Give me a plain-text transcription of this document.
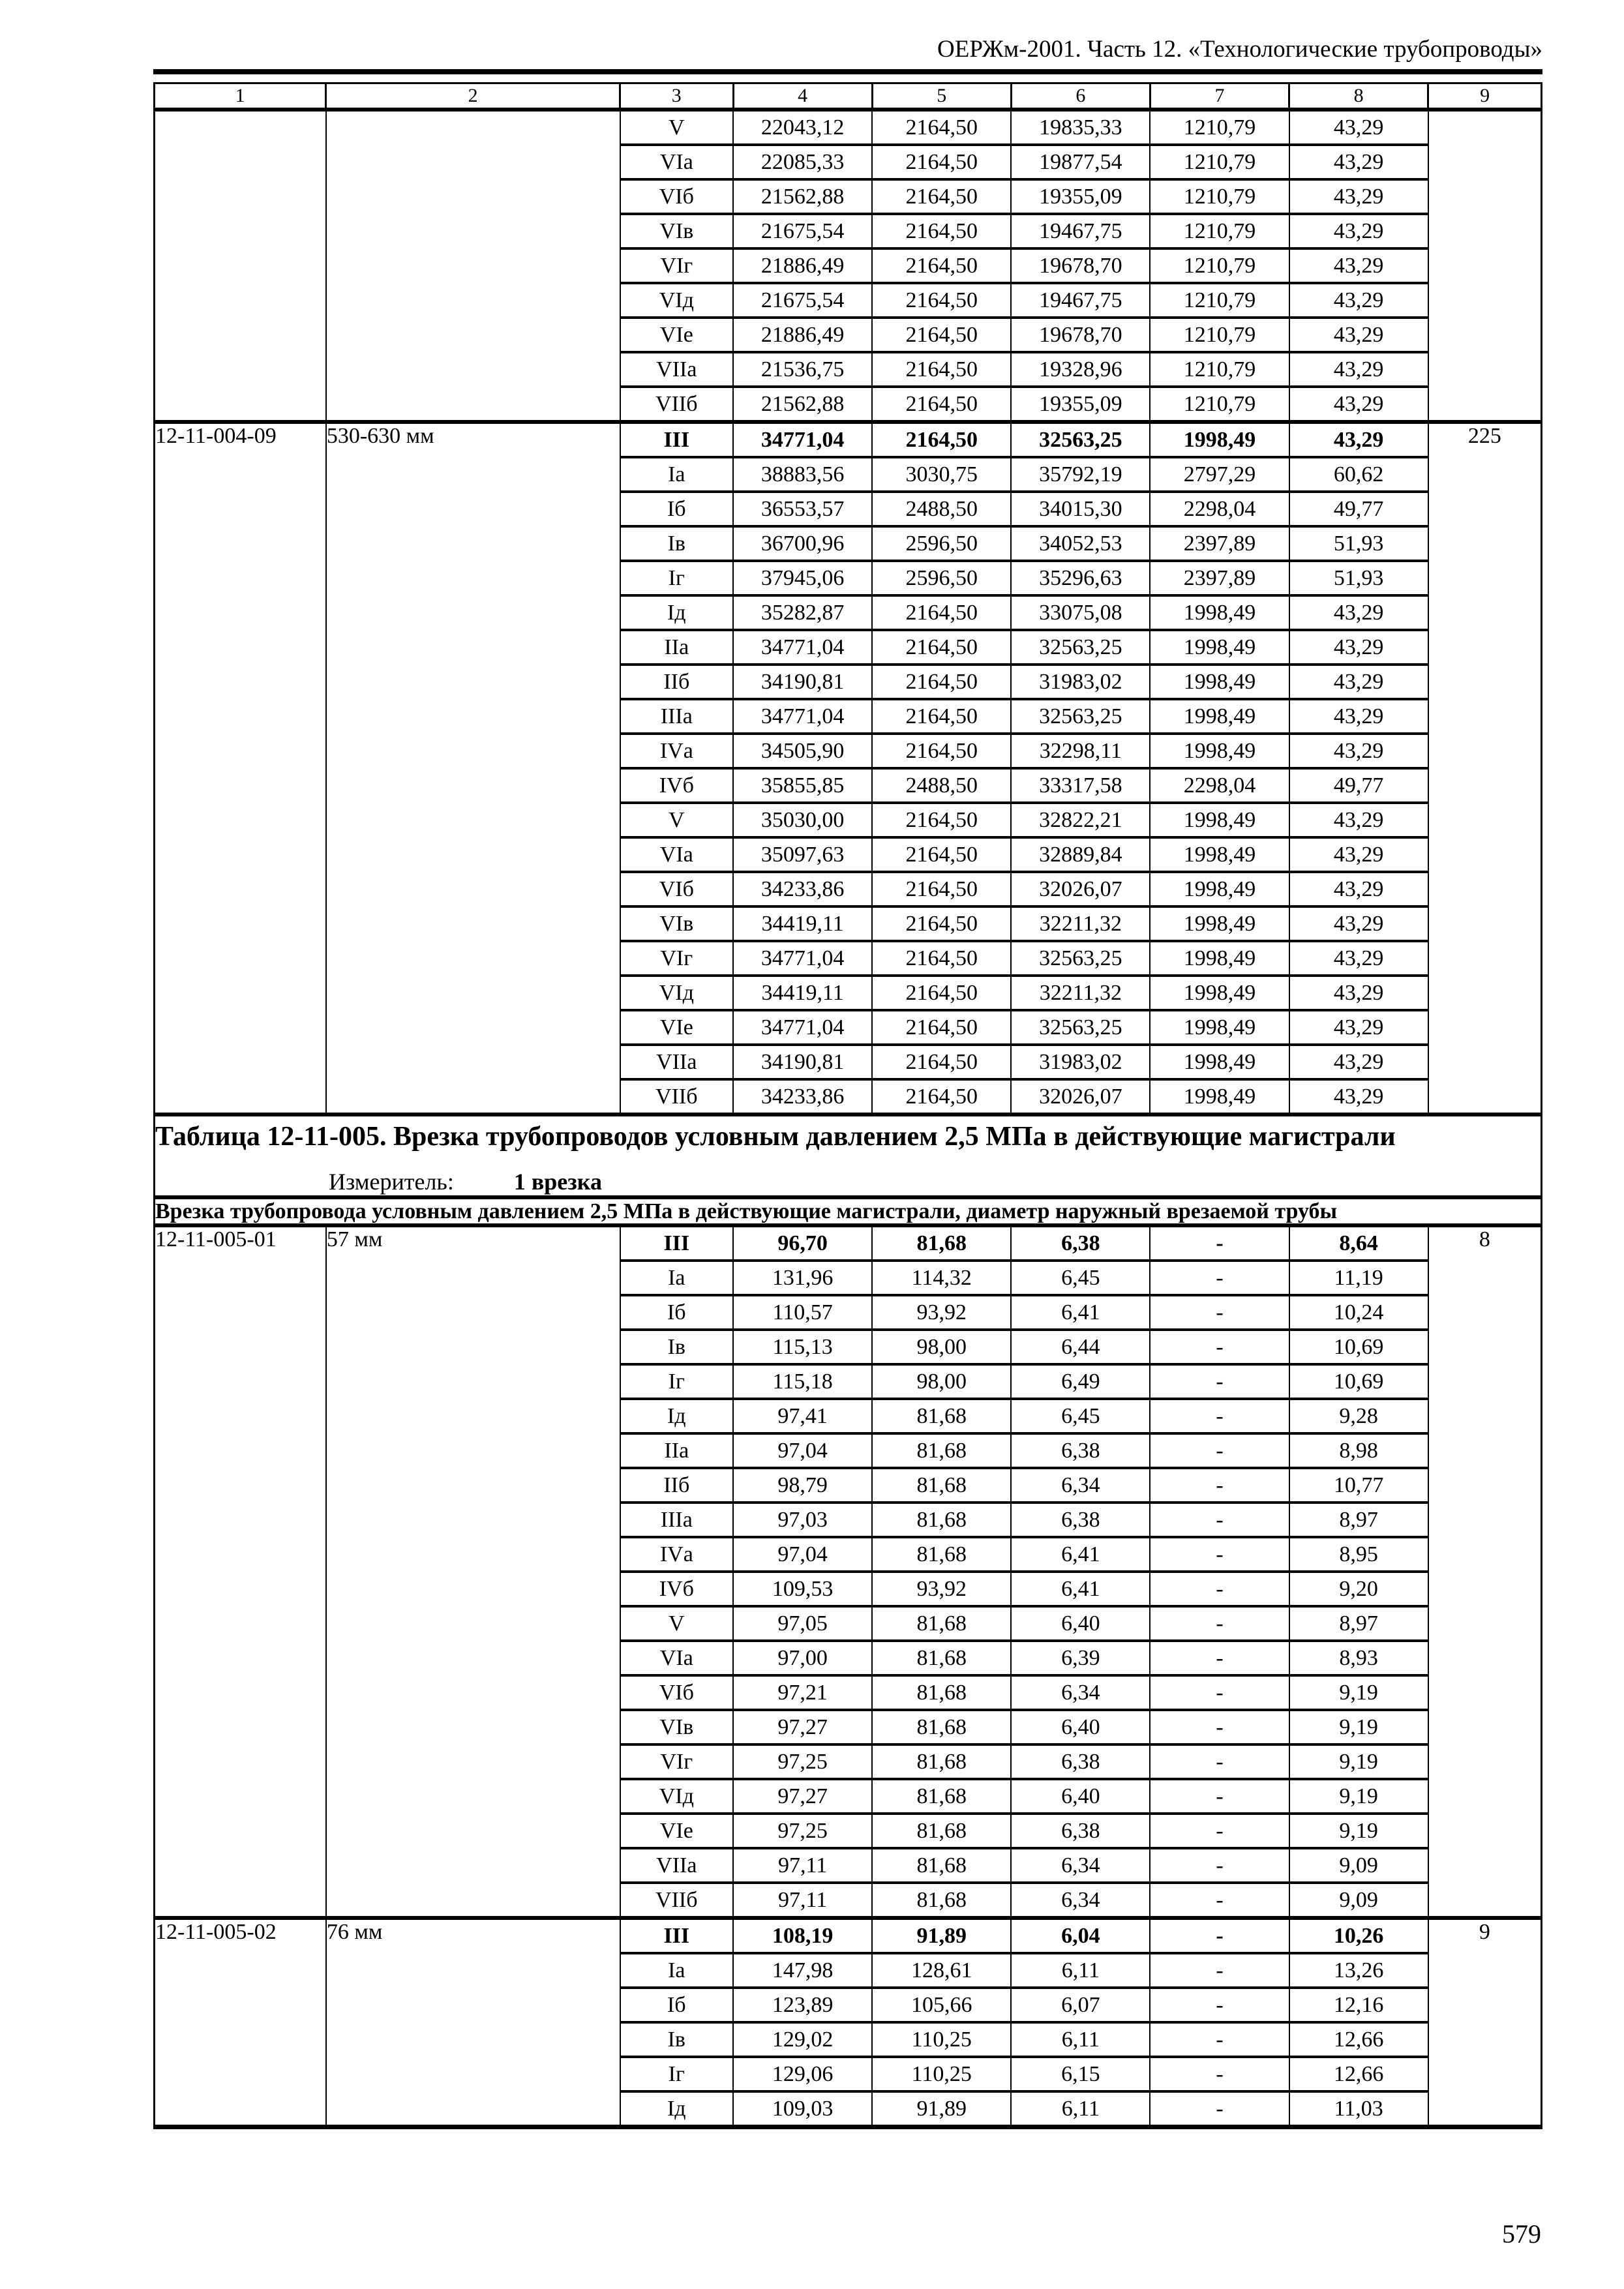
ОЕРЖм-2001. Часть 12. «Технологические трубопроводы»
1	2	3	4	5	6	7	8	9
		V	22043,12	2164,50	19835,33	1210,79	43,29	
		VIа	22085,33	2164,50	19877,54	1210,79	43,29	
		VIб	21562,88	2164,50	19355,09	1210,79	43,29	
		VIв	21675,54	2164,50	19467,75	1210,79	43,29	
		VIг	21886,49	2164,50	19678,70	1210,79	43,29	
		VIд	21675,54	2164,50	19467,75	1210,79	43,29	
		VIе	21886,49	2164,50	19678,70	1210,79	43,29	
		VIIа	21536,75	2164,50	19328,96	1210,79	43,29	
		VIIб	21562,88	2164,50	19355,09	1210,79	43,29	
12-11-004-09	530-630 мм	III	34771,04	2164,50	32563,25	1998,49	43,29	225
		Iа	38883,56	3030,75	35792,19	2797,29	60,62	
		Iб	36553,57	2488,50	34015,30	2298,04	49,77	
		Iв	36700,96	2596,50	34052,53	2397,89	51,93	
		Iг	37945,06	2596,50	35296,63	2397,89	51,93	
		Iд	35282,87	2164,50	33075,08	1998,49	43,29	
		IIа	34771,04	2164,50	32563,25	1998,49	43,29	
		IIб	34190,81	2164,50	31983,02	1998,49	43,29	
		IIIа	34771,04	2164,50	32563,25	1998,49	43,29	
		IVа	34505,90	2164,50	32298,11	1998,49	43,29	
		IVб	35855,85	2488,50	33317,58	2298,04	49,77	
		V	35030,00	2164,50	32822,21	1998,49	43,29	
		VIа	35097,63	2164,50	32889,84	1998,49	43,29	
		VIб	34233,86	2164,50	32026,07	1998,49	43,29	
		VIв	34419,11	2164,50	32211,32	1998,49	43,29	
		VIг	34771,04	2164,50	32563,25	1998,49	43,29	
		VIд	34419,11	2164,50	32211,32	1998,49	43,29	
		VIе	34771,04	2164,50	32563,25	1998,49	43,29	
		VIIа	34190,81	2164,50	31983,02	1998,49	43,29	
		VIIб	34233,86	2164,50	32026,07	1998,49	43,29	

Таблица 12-11-005. Врезка трубопроводов условным давлением 2,5 МПа в действующие магистрали
Измеритель: 1 врезка								

Врезка трубопровода условным давлением 2,5 МПа в действующие магистрали, диаметр наружный врезаемой трубы								
12-11-005-01	57 мм	III	96,70	81,68	6,38	-	8,64	8
		Iа	131,96	114,32	6,45	-	11,19	
		Iб	110,57	93,92	6,41	-	10,24	
		Iв	115,13	98,00	6,44	-	10,69	
		Iг	115,18	98,00	6,49	-	10,69	
		Iд	97,41	81,68	6,45	-	9,28	
		IIа	97,04	81,68	6,38	-	8,98	
		IIб	98,79	81,68	6,34	-	10,77	
		IIIа	97,03	81,68	6,38	-	8,97	
		IVа	97,04	81,68	6,41	-	8,95	
		IVб	109,53	93,92	6,41	-	9,20	
		V	97,05	81,68	6,40	-	8,97	
		VIа	97,00	81,68	6,39	-	8,93	
		VIб	97,21	81,68	6,34	-	9,19	
		VIв	97,27	81,68	6,40	-	9,19	
		VIг	97,25	81,68	6,38	-	9,19	
		VIд	97,27	81,68	6,40	-	9,19	
		VIе	97,25	81,68	6,38	-	9,19	
		VIIа	97,11	81,68	6,34	-	9,09	
		VIIб	97,11	81,68	6,34	-	9,09	
12-11-005-02	76 мм	III	108,19	91,89	6,04	-	10,26	9
		Iа	147,98	128,61	6,11	-	13,26	
		Iб	123,89	105,66	6,07	-	12,16	
		Iв	129,02	110,25	6,11	-	12,66	
		Iг	129,06	110,25	6,15	-	12,66	
		Iд	109,03	91,89	6,11	-	11,03	
579
